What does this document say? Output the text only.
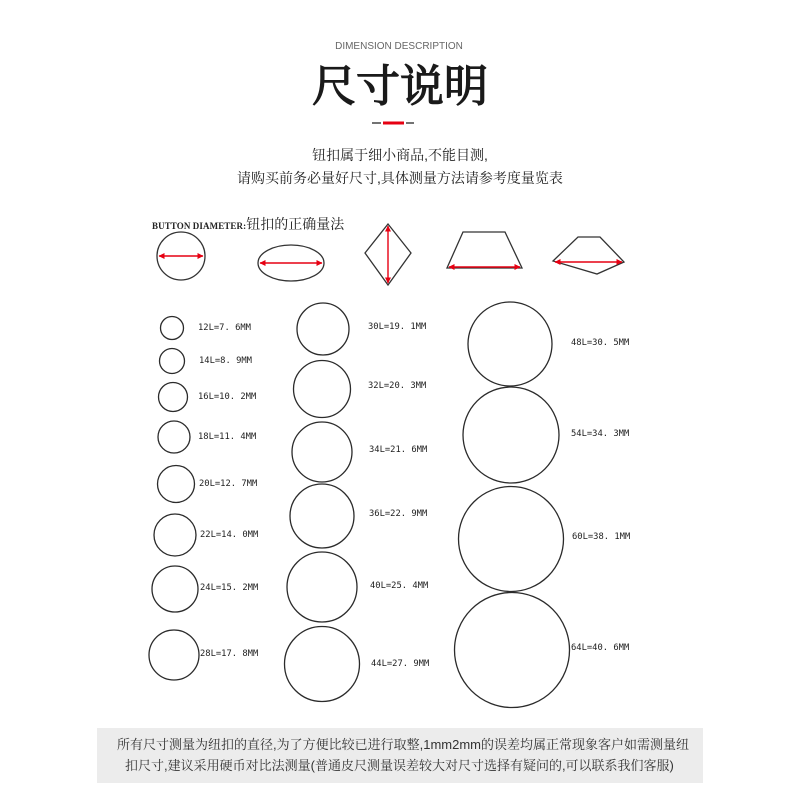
12L=7. 6MM
14L=8. 9MM
16L=10. 2MM
18L=11. 4MM
20L=12. 7MM
22L=14. 0MM
24L=15. 2MM
28L=17. 8MM
30L=19. 1MM
32L=20. 3MM
34L=21. 6MM
36L=22. 9MM
40L=25. 4MM
44L=27. 9MM
48L=30. 5MM
54L=34. 3MM
60L=38. 1MM
64L=40. 6MM
DIMENSION DESCRIPTION
尺寸说明
钮扣属于细小商品,不能目测,
请购买前务必量好尺寸,具体测量方法请参考度量览表
BUTTON DIAMETER:钮扣的正确量法
所有尺寸测量为纽扣的直径,为了方便比较已进行取整,1mm2mm的误差均属正常现象客户如需测量纽
扣尺寸,建议采用硬币对比法测量(普通皮尺测量误差较大对尺寸选择有疑问的,可以联系我们客服)
